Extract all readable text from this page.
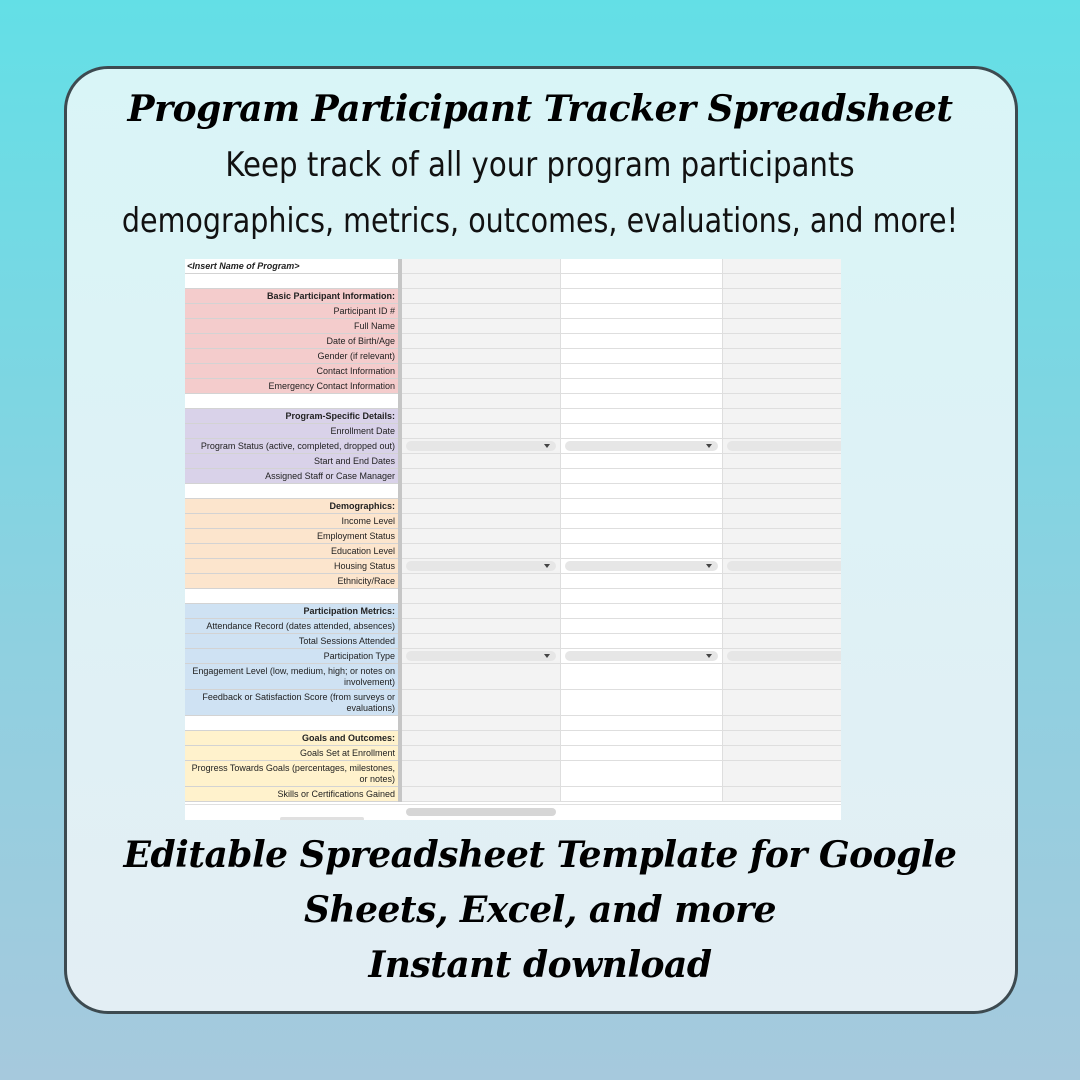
Program Participant Tracker Spreadsheet
Keep track of all your program participants
demographics, metrics, outcomes, evaluations, and more!
<Insert Name of Program>
Basic Participant Information:
Participant ID #
Full Name
Date of Birth/Age
Gender (if relevant)
Contact Information
Emergency Contact Information
Program-Specific Details:
Enrollment Date
Program Status (active, completed, dropped out)
Start and End Dates
Assigned Staff or Case Manager
Demographics:
Income Level
Employment Status
Education Level
Housing Status
Ethnicity/Race
Participation Metrics:
Attendance Record (dates attended, absences)
Total Sessions Attended
Participation Type
Engagement Level (low, medium, high; or notes on involvement)
Feedback or Satisfaction Score (from surveys or evaluations)
Goals and Outcomes:
Goals Set at Enrollment
Progress Towards Goals (percentages, milestones, or notes)
Skills or Certifications Gained
Editable Spreadsheet Template for Google
Sheets, Excel, and more
Instant download
